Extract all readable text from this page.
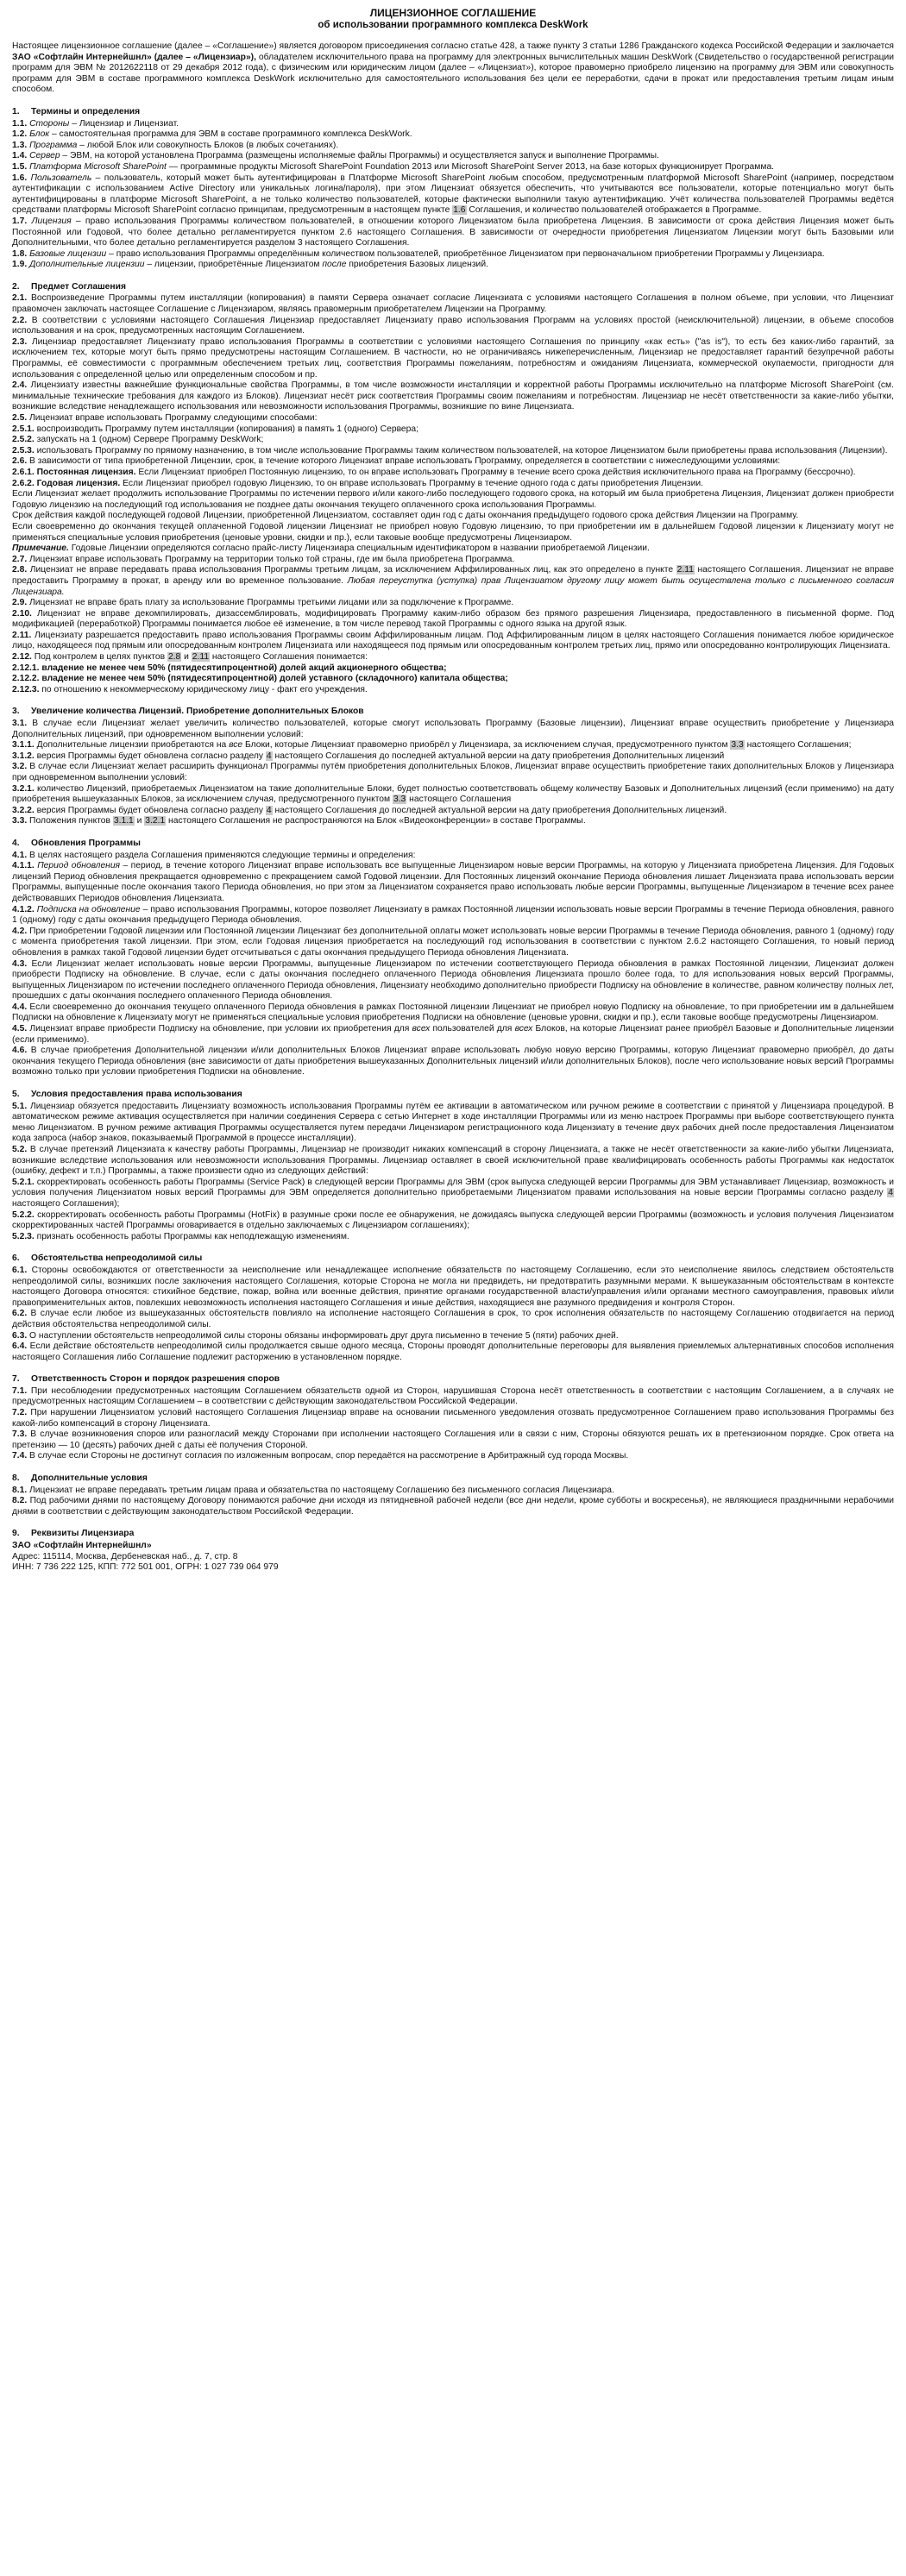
ЛИЦЕНЗИОННОЕ СОГЛАШЕНИЕ
об использовании программного комплекса DeskWork

Настоящее лицензионное соглашение (далее – «Соглашение») является договором присоединения согласно статье 428, а также пункту 3 статьи 1286 Гражданского кодекса Российской Федерации и заключается ЗАО «Софтлайн Интернейшнл» (далее – «Лицензиар»), обладателем исключительного права на программу для электронных вычислительных машин DeskWork (Свидетельство о государственной регистрации программ для ЭВМ № 2012622118 от 29 декабря 2012 года), с физическим или юридическим лицом (далее – «Лицензиат»), которое правомерно приобрело лицензию на программу для ЭВМ или совокупность программ для ЭВМ в составе программного комплекса DeskWork исключительно для самостоятельного использования без цели ее переработки, сдачи в прокат или предоставления третьим лицам иным способом.

1. Термины и определения

1.1. Стороны – Лицензиар и Лицензиат.

1.2. Блок – самостоятельная программа для ЭВМ в составе программного комплекса DeskWork.

1.3. Программа – любой Блок или совокупность Блоков (в любых сочетаниях).

1.4. Сервер – ЭВМ, на которой установлена Программа (размещены исполняемые файлы Программы) и осуществляется запуск и выполнение Программы.

1.5. Платформа Microsoft SharePoint — программные продукты Microsoft SharePoint Foundation 2013 или Microsoft SharePoint Server 2013, на базе которых функционирует Программа.

1.6. Пользователь – пользователь, который может быть аутентифицирован в Платформе Microsoft SharePoint любым способом, предусмотренным платформой Microsoft SharePoint (например, посредством аутентификации с использованием Active Directory или уникальных логина/пароля), при этом Лицензиат обязуется обеспечить, что учитываются все пользователи, которые потенциально могут быть аутентифицированы в платформе Microsoft SharePoint, а не только количество пользователей, которые фактически выполнили такую аутентификацию. Учёт количества пользователей Программы ведётся средствами платформы Microsoft SharePoint согласно принципам, предусмотренным в настоящем пункте 1.6 Соглашения, и количество пользователей отображается в Программе.

1.7. Лицензия – право использования Программы количеством пользователей, в отношении которого Лицензиатом была приобретена Лицензия. В зависимости от срока действия Лицензия может быть Постоянной или Годовой, что более детально регламентируется пунктом 2.6 настоящего Соглашения. В зависимости от очередности приобретения Лицензиатом Лицензии могут быть Базовыми или Дополнительными, что более детально регламентируется разделом 3 настоящего Соглашения.

1.8. Базовые лицензии – право использования Программы определённым количеством пользователей, приобретённое Лицензиатом при первоначальном приобретении Программы у Лицензиара.

1.9. Дополнительные лицензии – лицензии, приобретённые Лицензиатом после приобретения Базовых лицензий.

2. Предмет Соглашения

2.1. Воспроизведение Программы путем инсталляции (копирования) в памяти Сервера означает согласие Лицензиата с условиями настоящего Соглашения в полном объеме, при условии, что Лицензиат правомочен заключать настоящее Соглашение с Лицензиаром, являясь правомерным приобретателем Лицензии на Программу.

2.2. В соответствии с условиями настоящего Соглашения Лицензиар предоставляет Лицензиату право использования Программ на условиях простой (неисключительной) лицензии, в объеме способов использования и на срок, предусмотренных настоящим Соглашением.

2.3. Лицензиар предоставляет Лицензиату право использования Программы в соответствии с условиями настоящего Соглашения по принципу «как есть» ("as is"), то есть без каких-либо гарантий, за исключением тех, которые могут быть прямо предусмотрены настоящим Соглашением. В частности, но не ограничиваясь нижеперечисленным, Лицензиар не предоставляет гарантий безупречной работы Программы, её совместимости с программным обеспечением третьих лиц, соответствия Программы пожеланиям, потребностям и ожиданиям Лицензиата, коммерческой окупаемости, пригодности для использования с определенной целью или определенным способом и пр.

2.4. Лицензиату известны важнейшие функциональные свойства Программы, в том числе возможности инсталляции и корректной работы Программы исключительно на платформе Microsoft SharePoint (см. минимальные технические требования для каждого из Блоков). Лицензиат несёт риск соответствия Программы своим пожеланиям и потребностям. Лицензиар не несёт ответственности за какие-либо убытки, возникшие вследствие ненадлежащего использования или невозможности использования Программы, возникшие по вине Лицензиата.

2.5. Лицензиат вправе использовать Программу следующими способами:

2.5.1. воспроизводить Программу путем инсталляции (копирования) в память 1 (одного) Сервера;

2.5.2. запускать на 1 (одном) Сервере Программу DeskWork;

2.5.3. использовать Программу по прямому назначению, в том числе использование Программы таким количеством пользователей, на которое Лицензиатом были приобретены права использования (Лицензии).

2.6. В зависимости от типа приобретенной Лицензии, срок, в течение которого Лицензиат вправе использовать Программу, определяется в соответствии с нижеследующими условиями:

2.6.1. Постоянная лицензия. Если Лицензиат приобрел Постоянную лицензию, то он вправе использовать Программу в течение всего срока действия исключительного права на Программу (бессрочно).

2.6.2. Годовая лицензия. Если Лицензиат приобрел годовую Лицензию, то он вправе использовать Программу в течение одного года с даты приобретения Лицензии.

Если Лицензиат желает продолжить использование Программы по истечении первого и/или какого-либо последующего годового срока, на который им была приобретена Лицензия, Лицензиат должен приобрести Годовую лицензию на последующий год использования не позднее даты окончания текущего оплаченного срока использования Программы.

Срок действия каждой последующей годовой Лицензии, приобретенной Лицензиатом, составляет один год с даты окончания предыдущего годового срока действия Лицензии на Программу.

Если своевременно до окончания текущей оплаченной Годовой лицензии Лицензиат не приобрел новую Годовую лицензию, то при приобретении им в дальнейшем Годовой лицензии к Лицензиату могут не применяться специальные условия приобретения (ценовые уровни, скидки и пр.), если таковые вообще предусмотрены Лицензиаром.

Примечание. Годовые Лицензии определяются согласно прайс-листу Лицензиара специальным идентификатором в названии приобретаемой Лицензии.

2.7. Лицензиат вправе использовать Программу на территории только той страны, где им была приобретена Программа.

2.8. Лицензиат не вправе передавать права использования Программы третьим лицам, за исключением Аффилированных лиц, как это определено в пункте 2.11 настоящего Соглашения. Лицензиат не вправе предоставить Программу в прокат, в аренду или во временное пользование. Любая переуступка (уступка) прав Лицензиатом другому лицу может быть осуществлена только с письменного согласия Лицензиара.

2.9. Лицензиат не вправе брать плату за использование Программы третьими лицами или за подключение к Программе.

2.10. Лицензиат не вправе декомпилировать, дизассемблировать, модифицировать Программу каким-либо образом без прямого разрешения Лицензиара, предоставленного в письменной форме. Под модификацией (переработкой) Программы понимается любое её изменение, в том числе перевод такой Программы с одного языка на другой язык.

2.11. Лицензиату разрешается предоставить право использования Программы своим Аффилированным лицам. Под Аффилированным лицом в целях настоящего Соглашения понимается любое юридическое лицо, находящееся под прямым или опосредованным контролем Лицензиата или находящееся под прямым или опосредованным контролем третьих лиц, прямо или опосредованно контролирующих Лицензиата.

2.12. Под контролем в целях пунктов 2.8 и 2.11 настоящего Соглашения понимается:

2.12.1. владение не менее чем 50% (пятидесятипроцентной) долей акций акционерного общества;

2.12.2. владение не менее чем 50% (пятидесятипроцентной) долей уставного (складочного) капитала общества;

2.12.3. по отношению к некоммерческому юридическому лицу - факт его учреждения.

3. Увеличение количества Лицензий. Приобретение дополнительных Блоков

3.1. В случае если Лицензиат желает увеличить количество пользователей, которые смогут использовать Программу (Базовые лицензии), Лицензиат вправе осуществить приобретение у Лицензиара Дополнительных лицензий, при одновременном выполнении условий:

3.1.1. Дополнительные лицензии приобретаются на все Блоки, которые Лицензиат правомерно приобрёл у Лицензиара, за исключением случая, предусмотренного пунктом 3.3 настоящего Соглашения;

3.1.2. версия Программы будет обновлена согласно разделу 4 настоящего Соглашения до последней актуальной версии на дату приобретения Дополнительных лицензий

3.2. В случае если Лицензиат желает расширить функционал Программы путём приобретения дополнительных Блоков, Лицензиат вправе осуществить приобретение таких дополнительных Блоков у Лицензиара при одновременном выполнении условий:

3.2.1. количество Лицензий, приобретаемых Лицензиатом на такие дополнительные Блоки, будет полностью соответствовать общему количеству Базовых и Дополнительных лицензий (если применимо) на дату приобретения вышеуказанных Блоков, за исключением случая, предусмотренного пунктом 3.3 настоящего Соглашения

3.2.2. версия Программы будет обновлена согласно разделу 4 настоящего Соглашения до последней актуальной версии на дату приобретения Дополнительных лицензий.

3.3. Положения пунктов 3.1.1 и 3.2.1 настоящего Соглашения не распространяются на Блок «Видеоконференции» в составе Программы.

4. Обновления Программы

4.1. В целях настоящего раздела Соглашения применяются следующие термины и определения:

4.1.1. Период обновления – период, в течение которого Лицензиат вправе использовать все выпущенные Лицензиаром новые версии Программы, на которую у Лицензиата приобретена Лицензия. Для Годовых лицензий Период обновления прекращается одновременно с прекращением самой Годовой лицензии. Для Постоянных лицензий окончание Периода обновления лишает Лицензиата права использовать версии Программы, выпущенные после окончания такого Периода обновления, но при этом за Лицензиатом сохраняется право использовать любые версии Программы, выпущенные Лицензиаром в течение всех ранее действовавших Периодов обновления Лицензиата.

4.1.2. Подписка на обновление – право использования Программы, которое позволяет Лицензиату в рамках Постоянной лицензии использовать новые версии Программы в течение Периода обновления, равного 1 (одному) году с даты окончания предыдущего Периода обновления.

4.2. При приобретении Годовой лицензии или Постоянной лицензии Лицензиат без дополнительной оплаты может использовать новые версии Программы в течение Периода обновления, равного 1 (одному) году с момента приобретения такой лицензии. При этом, если Годовая лицензия приобретается на последующий год использования в соответствии с пунктом 2.6.2 настоящего Соглашения, то новый период обновления в рамках такой Годовой лицензии будет отсчитываться с даты окончания предыдущего Периода обновления Лицензиата.

4.3. Если Лицензиат желает использовать новые версии Программы, выпущенные Лицензиаром по истечении соответствующего Периода обновления в рамках Постоянной лицензии, Лицензиат должен приобрести Подписку на обновление. В случае, если с даты окончания последнего оплаченного Периода обновления Лицензиата прошло более года, то для использования новых версий Программы, выпущенных Лицензиаром по истечении последнего оплаченного Периода обновления, Лицензиату необходимо дополнительно приобрести Подписку на обновление в количестве, равном количеству полных лет, прошедших с даты окончания последнего оплаченного Периода обновления.

4.4. Если своевременно до окончания текущего оплаченного Периода обновления в рамках Постоянной лицензии Лицензиат не приобрел новую Подписку на обновление, то при приобретении им в дальнейшем Подписки на обновление к Лицензиату могут не применяться специальные условия приобретения Подписки на обновление (ценовые уровни, скидки и пр.), если таковые вообще предусмотрены Лицензиаром.

4.5. Лицензиат вправе приобрести Подписку на обновление, при условии их приобретения для всех пользователей для всех Блоков, на которые Лицензиат ранее приобрёл Базовые и Дополнительные лицензии (если применимо).

4.6. В случае приобретения Дополнительной лицензии и/или дополнительных Блоков Лицензиат вправе использовать любую новую версию Программы, которую Лицензиат правомерно приобрёл, до даты окончания текущего Периода обновления (вне зависимости от даты приобретения вышеуказанных Дополнительных лицензий и/или дополнительных Блоков), после чего использование новых версий Программы возможно только при условии приобретения Подписки на обновление.

5. Условия предоставления права использования

5.1. Лицензиар обязуется предоставить Лицензиату возможность использования Программы путём ее активации в автоматическом или ручном режиме в соответствии с принятой у Лицензиара процедурой. В автоматическом режиме активация осуществляется при наличии соединения Сервера с сетью Интернет в ходе инсталляции Программы или из меню настроек Программы при выборе соответствующего пункта меню Лицензиатом. В ручном режиме активация Программы осуществляется путем передачи Лицензиаром регистрационного кода Лицензиату в течение двух рабочих дней после предоставления Лицензиатом кода запроса (набор знаков, показываемый Программой в процессе инсталляции).

5.2. В случае претензий Лицензиата к качеству работы Программы, Лицензиар не производит никаких компенсаций в сторону Лицензиата, а также не несёт ответственности за какие-либо убытки Лицензиата, возникшие вследствие использования или невозможности использования Программы. Лицензиар оставляет в своей исключительной праве квалифицировать особенность работы Программы как недостаток (ошибку, дефект и т.п.) Программы, а также произвести одно из следующих действий:

5.2.1. скорректировать особенность работы Программы (Service Pack) в следующей версии Программы для ЭВМ (срок выпуска следующей версии Программы для ЭВМ устанавливает Лицензиар, возможность и условия получения Лицензиатом новых версий Программы для ЭВМ определяется дополнительно приобретаемыми Лицензиатом правами использования на новые версии Программы согласно разделу 4 настоящего Соглашения);

5.2.2. скорректировать особенность работы Программы (HotFix) в разумные сроки после ее обнаружения, не дожидаясь выпуска следующей версии Программы (возможность и условия получения Лицензиатом скорректированных частей Программы оговаривается в отдельно заключаемых с Лицензиаром соглашениях);

5.2.3. признать особенность работы Программы как неподлежащую изменениям.

6. Обстоятельства непреодолимой силы

6.1. Стороны освобождаются от ответственности за неисполнение или ненадлежащее исполнение обязательств по настоящему Соглашению, если это неисполнение явилось следствием обстоятельств непреодолимой силы, возникших после заключения настоящего Соглашения, которые Сторона не могла ни предвидеть, ни предотвратить разумными мерами. К вышеуказанным обстоятельствам в контексте настоящего Договора относятся: стихийное бедствие, пожар, война или военные действия, принятие органами государственной власти/управления и/или органами местного самоуправления, правовых и/или правоприменительных актов, повлекших невозможность исполнения настоящего Соглашения и иные действия, находящиеся вне разумного предвидения и контроля Сторон.

6.2. В случае если любое из вышеуказанных обстоятельств повлияло на исполнение настоящего Соглашения в срок, то срок исполнения обязательств по настоящему Соглашению отодвигается на период действия обстоятельства непреодолимой силы.

6.3. О наступлении обстоятельств непреодолимой силы стороны обязаны информировать друг друга письменно в течение 5 (пяти) рабочих дней.

6.4. Если действие обстоятельств непреодолимой силы продолжается свыше одного месяца, Стороны проводят дополнительные переговоры для выявления приемлемых альтернативных способов исполнения настоящего Соглашения либо Соглашение подлежит расторжению в установленном порядке.

7. Ответственность Сторон и порядок разрешения споров

7.1. При несоблюдении предусмотренных настоящим Соглашением обязательств одной из Сторон, нарушившая Сторона несёт ответственность в соответствии с настоящим Соглашением, а в случаях не предусмотренных настоящим Соглашением – в соответствии с действующим законодательством Российской Федерации.

7.2. При нарушении Лицензиатом условий настоящего Соглашения Лицензиар вправе на основании письменного уведомления отозвать предусмотренное Соглашением право использования Программы без какой-либо компенсаций в сторону Лицензиата.

7.3. В случае возникновения споров или разногласий между Сторонами при исполнении настоящего Соглашения или в связи с ним, Стороны обязуются решать их в претензионном порядке. Срок ответа на претензию — 10 (десять) рабочих дней с даты её получения Стороной.

7.4. В случае если Стороны не достигнут согласия по изложенным вопросам, спор передаётся на рассмотрение в Арбитражный суд города Москвы.

8. Дополнительные условия

8.1. Лицензиат не вправе передавать третьим лицам права и обязательства по настоящему Соглашению без письменного согласия Лицензиара.

8.2. Под рабочими днями по настоящему Договору понимаются рабочие дни исходя из пятидневной рабочей недели (все дни недели, кроме субботы и воскресенья), не являющиеся праздничными нерабочими днями в соответствии с действующим законодательством Российской Федерации.

9. Реквизиты Лицензиара

ЗАО «Софтлайн Интернейшнл»

Адрес: 115114, Москва, Дербеневская наб., д. 7, стр. 8

ИНН: 7 736 222 125, КПП: 772 501 001, ОГРН: 1 027 739 064 979
